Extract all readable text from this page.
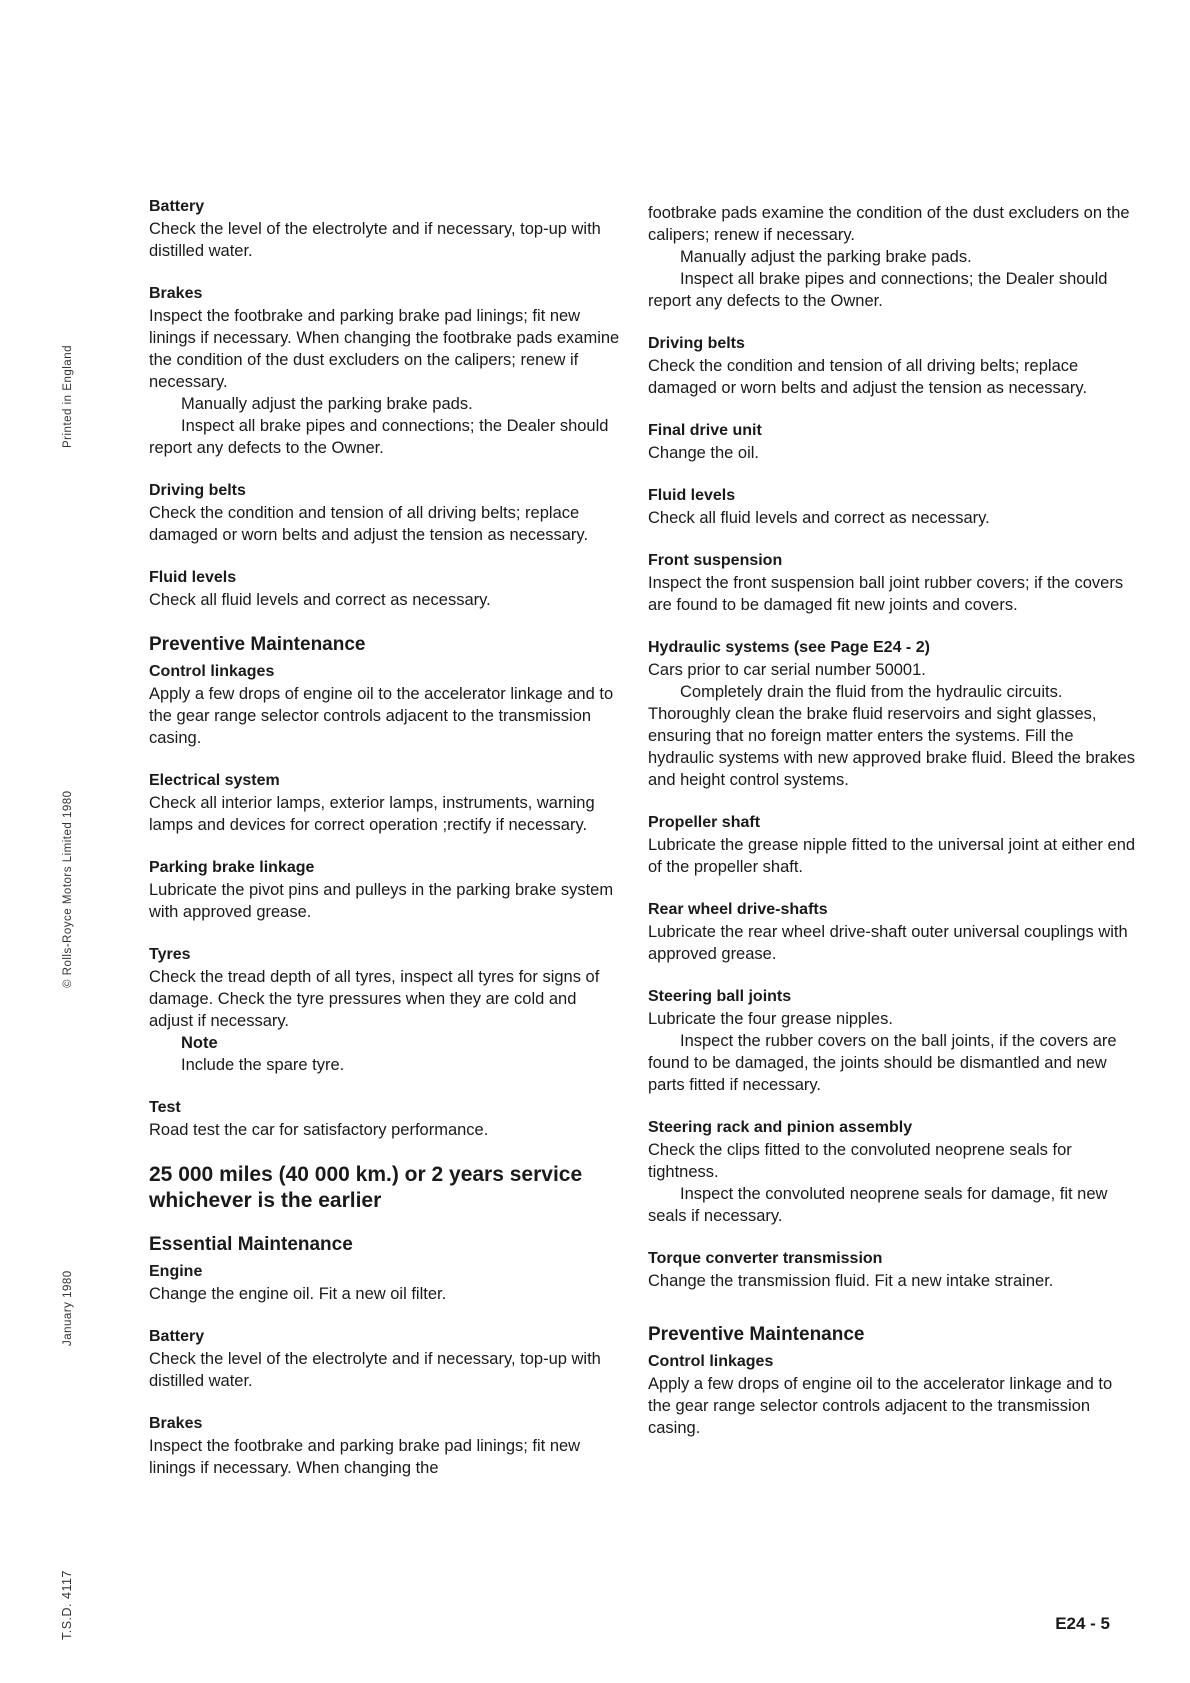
Printed in England
© Rolls-Royce Motors Limited 1980
January 1980
T.S.D. 4117
Battery
Check the level of the electrolyte and if necessary, top-up with distilled water.
Brakes
Inspect the footbrake and parking brake pad linings; fit new linings if necessary. When changing the footbrake pads examine the condition of the dust excluders on the calipers; renew if necessary.
Manually adjust the parking brake pads.
Inspect all brake pipes and connections; the Dealer should report any defects to the Owner.
Driving belts
Check the condition and tension of all driving belts; replace damaged or worn belts and adjust the tension as necessary.
Fluid levels
Check all fluid levels and correct as necessary.
Preventive Maintenance
Control linkages
Apply a few drops of engine oil to the accelerator linkage and to the gear range selector controls adjacent to the transmission casing.
Electrical system
Check all interior lamps, exterior lamps, instruments, warning lamps and devices for correct operation ;rectify if necessary.
Parking brake linkage
Lubricate the pivot pins and pulleys in the parking brake system with approved grease.
Tyres
Check the tread depth of all tyres, inspect all tyres for signs of damage. Check the tyre pressures when they are cold and adjust if necessary.
Note
Include the spare tyre.
Test
Road test the car for satisfactory performance.
25 000 miles (40 000 km.) or 2 years service whichever is the earlier
Essential Maintenance
Engine
Change the engine oil. Fit a new oil filter.
Battery
Check the level of the electrolyte and if necessary, top-up with distilled water.
Brakes
Inspect the footbrake and parking brake pad linings; fit new linings if necessary. When changing the
footbrake pads examine the condition of the dust excluders on the calipers; renew if necessary.
Manually adjust the parking brake pads.
Inspect all brake pipes and connections; the Dealer should report any defects to the Owner.
Driving belts
Check the condition and tension of all driving belts; replace damaged or worn belts and adjust the tension as necessary.
Final drive unit
Change the oil.
Fluid levels
Check all fluid levels and correct as necessary.
Front suspension
Inspect the front suspension ball joint rubber covers; if the covers are found to be damaged fit new joints and covers.
Hydraulic systems (see Page E24 - 2)
Cars prior to car serial number 50001.
Completely drain the fluid from the hydraulic circuits. Thoroughly clean the brake fluid reservoirs and sight glasses, ensuring that no foreign matter enters the systems. Fill the hydraulic systems with new approved brake fluid. Bleed the brakes and height control systems.
Propeller shaft
Lubricate the grease nipple fitted to the universal joint at either end of the propeller shaft.
Rear wheel drive-shafts
Lubricate the rear wheel drive-shaft outer universal couplings with approved grease.
Steering ball joints
Lubricate the four grease nipples.
Inspect the rubber covers on the ball joints, if the covers are found to be damaged, the joints should be dismantled and new parts fitted if necessary.
Steering rack and pinion assembly
Check the clips fitted to the convoluted neoprene seals for tightness.
Inspect the convoluted neoprene seals for damage, fit new seals if necessary.
Torque converter transmission
Change the transmission fluid. Fit a new intake strainer.
Preventive Maintenance
Control linkages
Apply a few drops of engine oil to the accelerator linkage and to the gear range selector controls adjacent to the transmission casing.
E24 - 5
